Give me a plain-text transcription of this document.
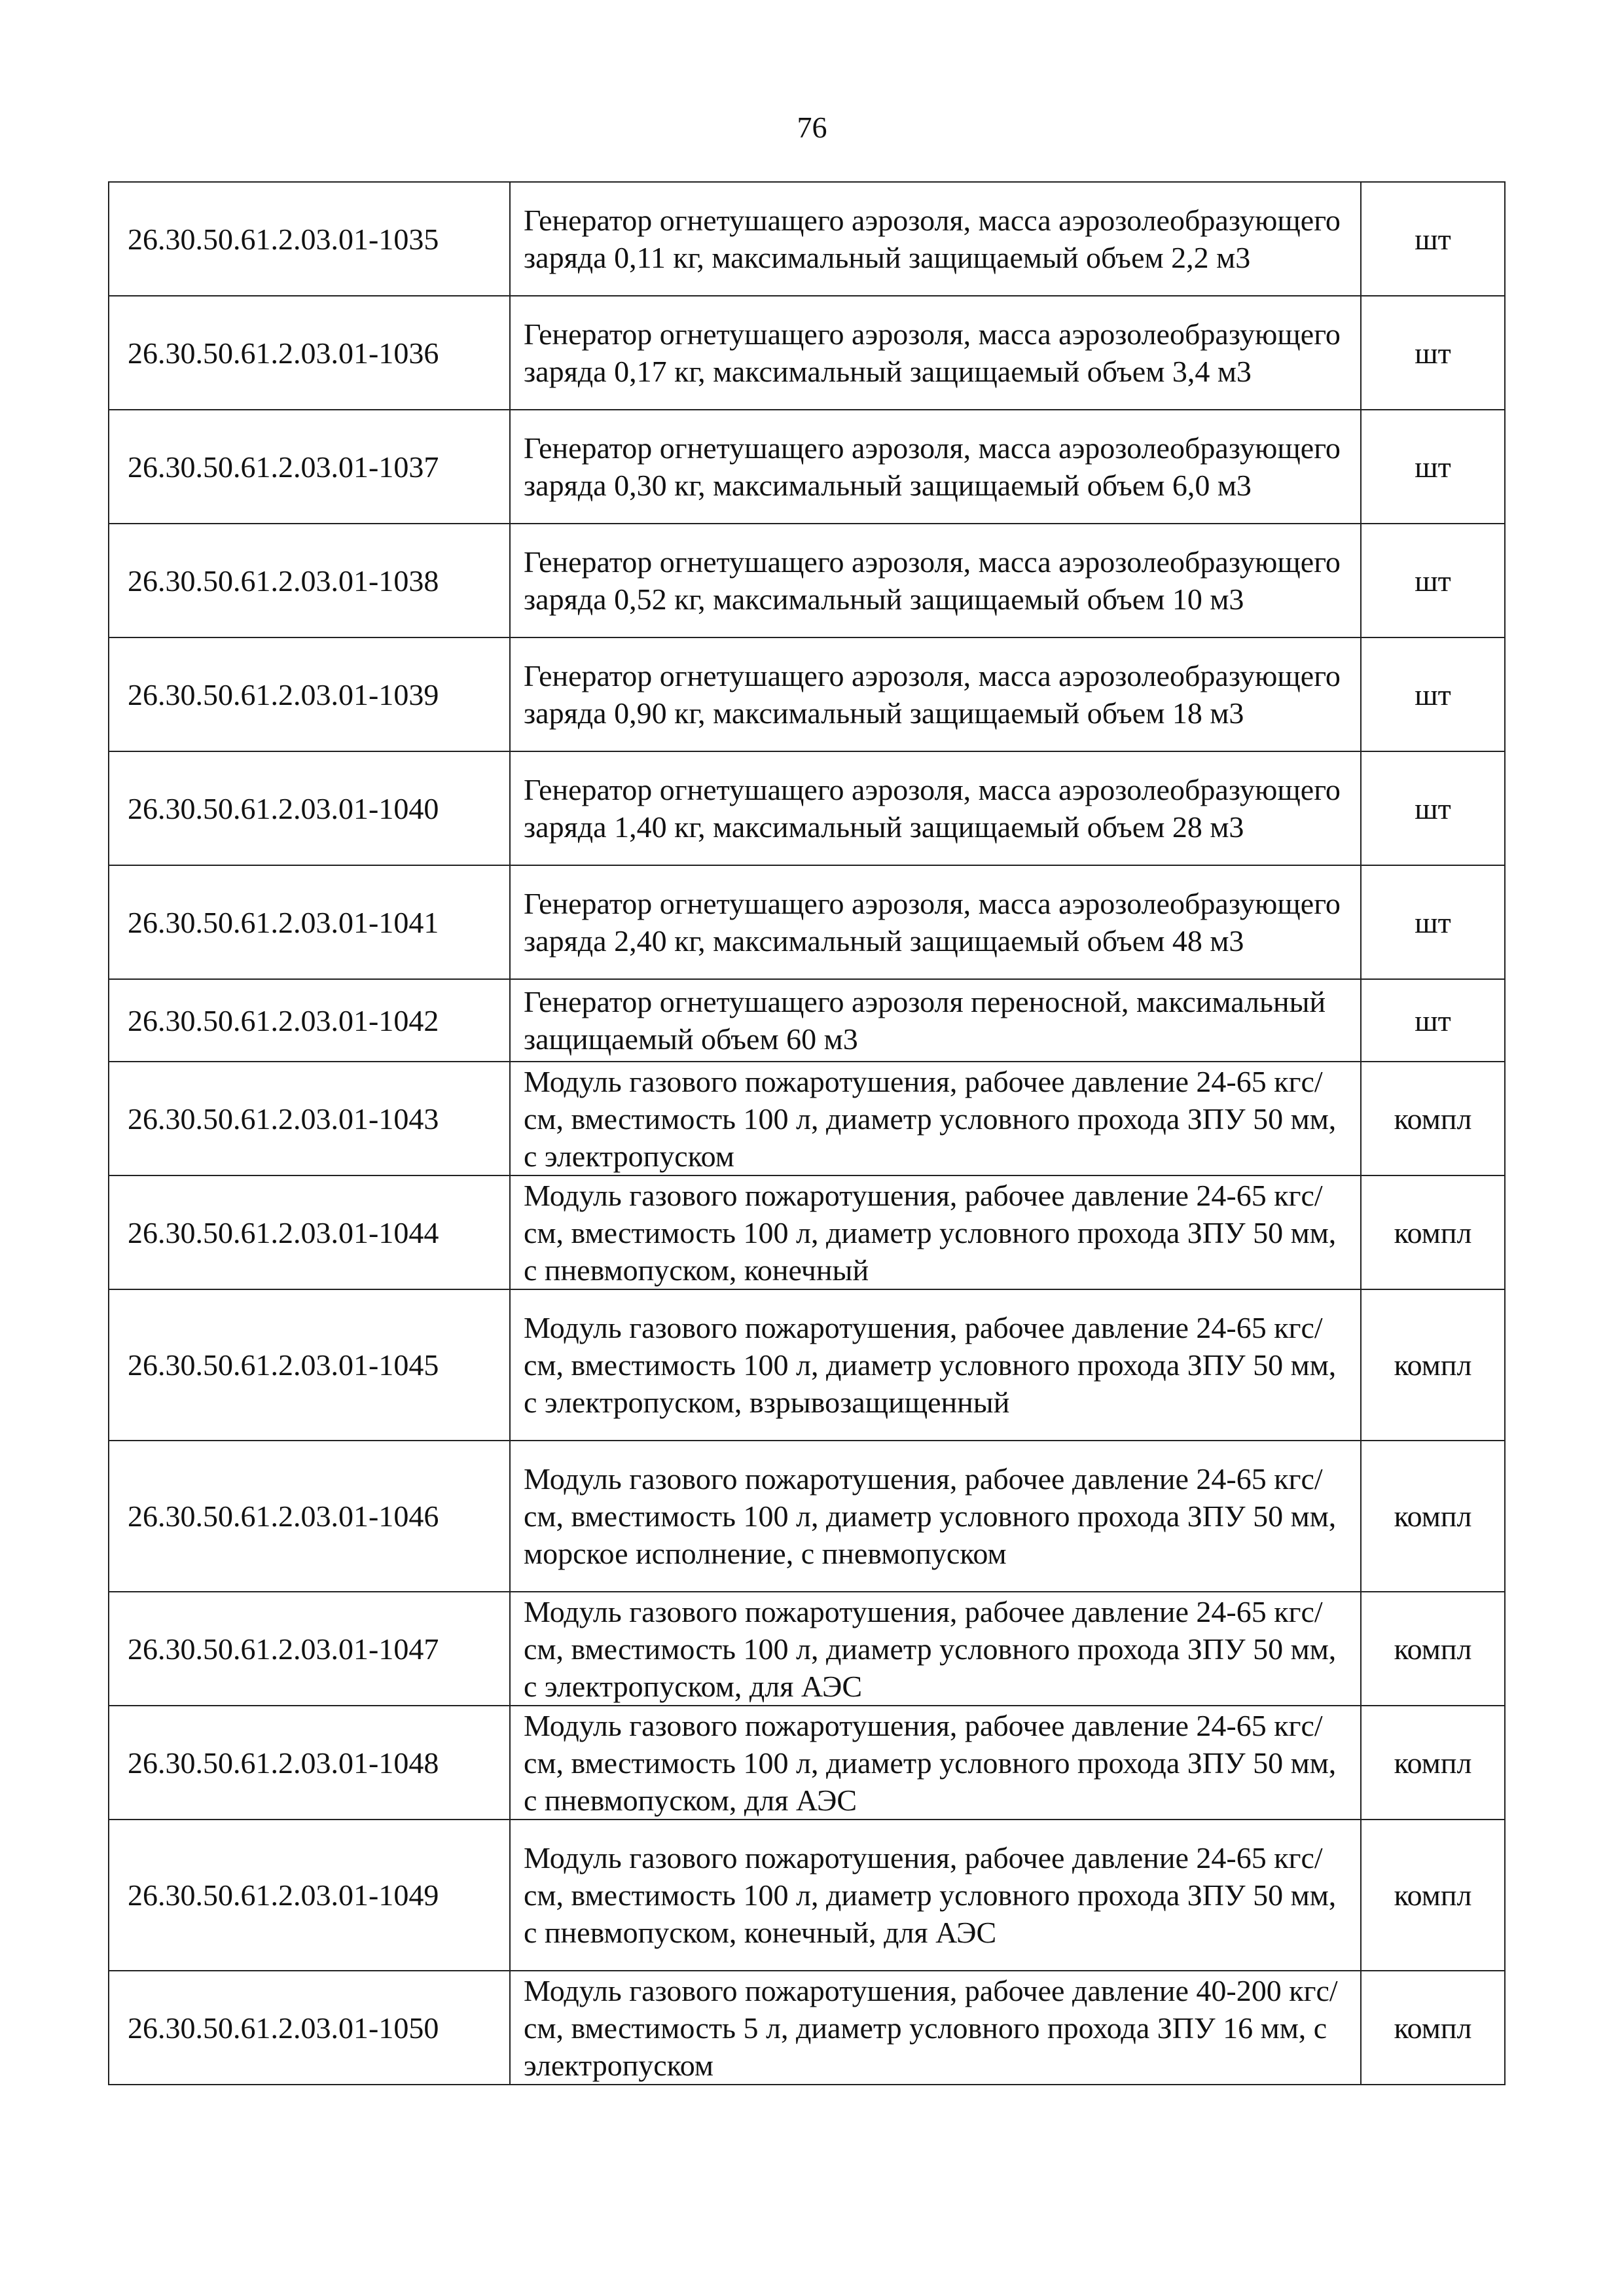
76
26.30.50.61.2.03.01-1035	Генератор огнетушащего аэрозоля, масса аэрозолеобразующего заряда 0,11 кг, максимальный защищаемый объем 2,2 м3	шт
26.30.50.61.2.03.01-1036	Генератор огнетушащего аэрозоля, масса аэрозолеобразующего заряда 0,17 кг, максимальный защищаемый объем 3,4 м3	шт
26.30.50.61.2.03.01-1037	Генератор огнетушащего аэрозоля, масса аэрозолеобразующего заряда 0,30 кг, максимальный защищаемый объем 6,0 м3	шт
26.30.50.61.2.03.01-1038	Генератор огнетушащего аэрозоля, масса аэрозолеобразующего заряда 0,52 кг, максимальный защищаемый объем 10 м3	шт
26.30.50.61.2.03.01-1039	Генератор огнетушащего аэрозоля, масса аэрозолеобразующего заряда 0,90 кг, максимальный защищаемый объем 18 м3	шт
26.30.50.61.2.03.01-1040	Генератор огнетушащего аэрозоля, масса аэрозолеобразующего заряда 1,40 кг, максимальный защищаемый объем 28 м3	шт
26.30.50.61.2.03.01-1041	Генератор огнетушащего аэрозоля, масса аэрозолеобразующего заряда 2,40 кг, максимальный защищаемый объем 48 м3	шт
26.30.50.61.2.03.01-1042	Генератор огнетушащего аэрозоля переносной, максимальный защищаемый объем 60 м3	шт
26.30.50.61.2.03.01-1043	Модуль газового пожаротушения, рабочее давление 24-65 кгс/см, вместимость 100 л, диаметр условного прохода ЗПУ 50 мм, с электропуском	компл
26.30.50.61.2.03.01-1044	Модуль газового пожаротушения, рабочее давление 24-65 кгс/см, вместимость 100 л, диаметр условного прохода ЗПУ 50 мм, с пневмопуском, конечный	компл
26.30.50.61.2.03.01-1045	Модуль газового пожаротушения, рабочее давление 24-65 кгс/см, вместимость 100 л, диаметр условного прохода ЗПУ 50 мм, с электропуском, взрывозащищенный	компл
26.30.50.61.2.03.01-1046	Модуль газового пожаротушения, рабочее давление 24-65 кгс/см, вместимость 100 л, диаметр условного прохода ЗПУ 50 мм, морское исполнение, с пневмопуском	компл
26.30.50.61.2.03.01-1047	Модуль газового пожаротушения, рабочее давление 24-65 кгс/см, вместимость 100 л, диаметр условного прохода ЗПУ 50 мм, с электропуском, для АЭС	компл
26.30.50.61.2.03.01-1048	Модуль газового пожаротушения, рабочее давление 24-65 кгс/см, вместимость 100 л, диаметр условного прохода ЗПУ 50 мм, с пневмопуском, для АЭС	компл
26.30.50.61.2.03.01-1049	Модуль газового пожаротушения, рабочее давление 24-65 кгс/см, вместимость 100 л, диаметр условного прохода ЗПУ 50 мм, с пневмопуском, конечный, для АЭС	компл
26.30.50.61.2.03.01-1050	Модуль газового пожаротушения, рабочее давление 40-200 кгс/см, вместимость 5 л, диаметр условного прохода ЗПУ 16 мм, с электропуском	компл
